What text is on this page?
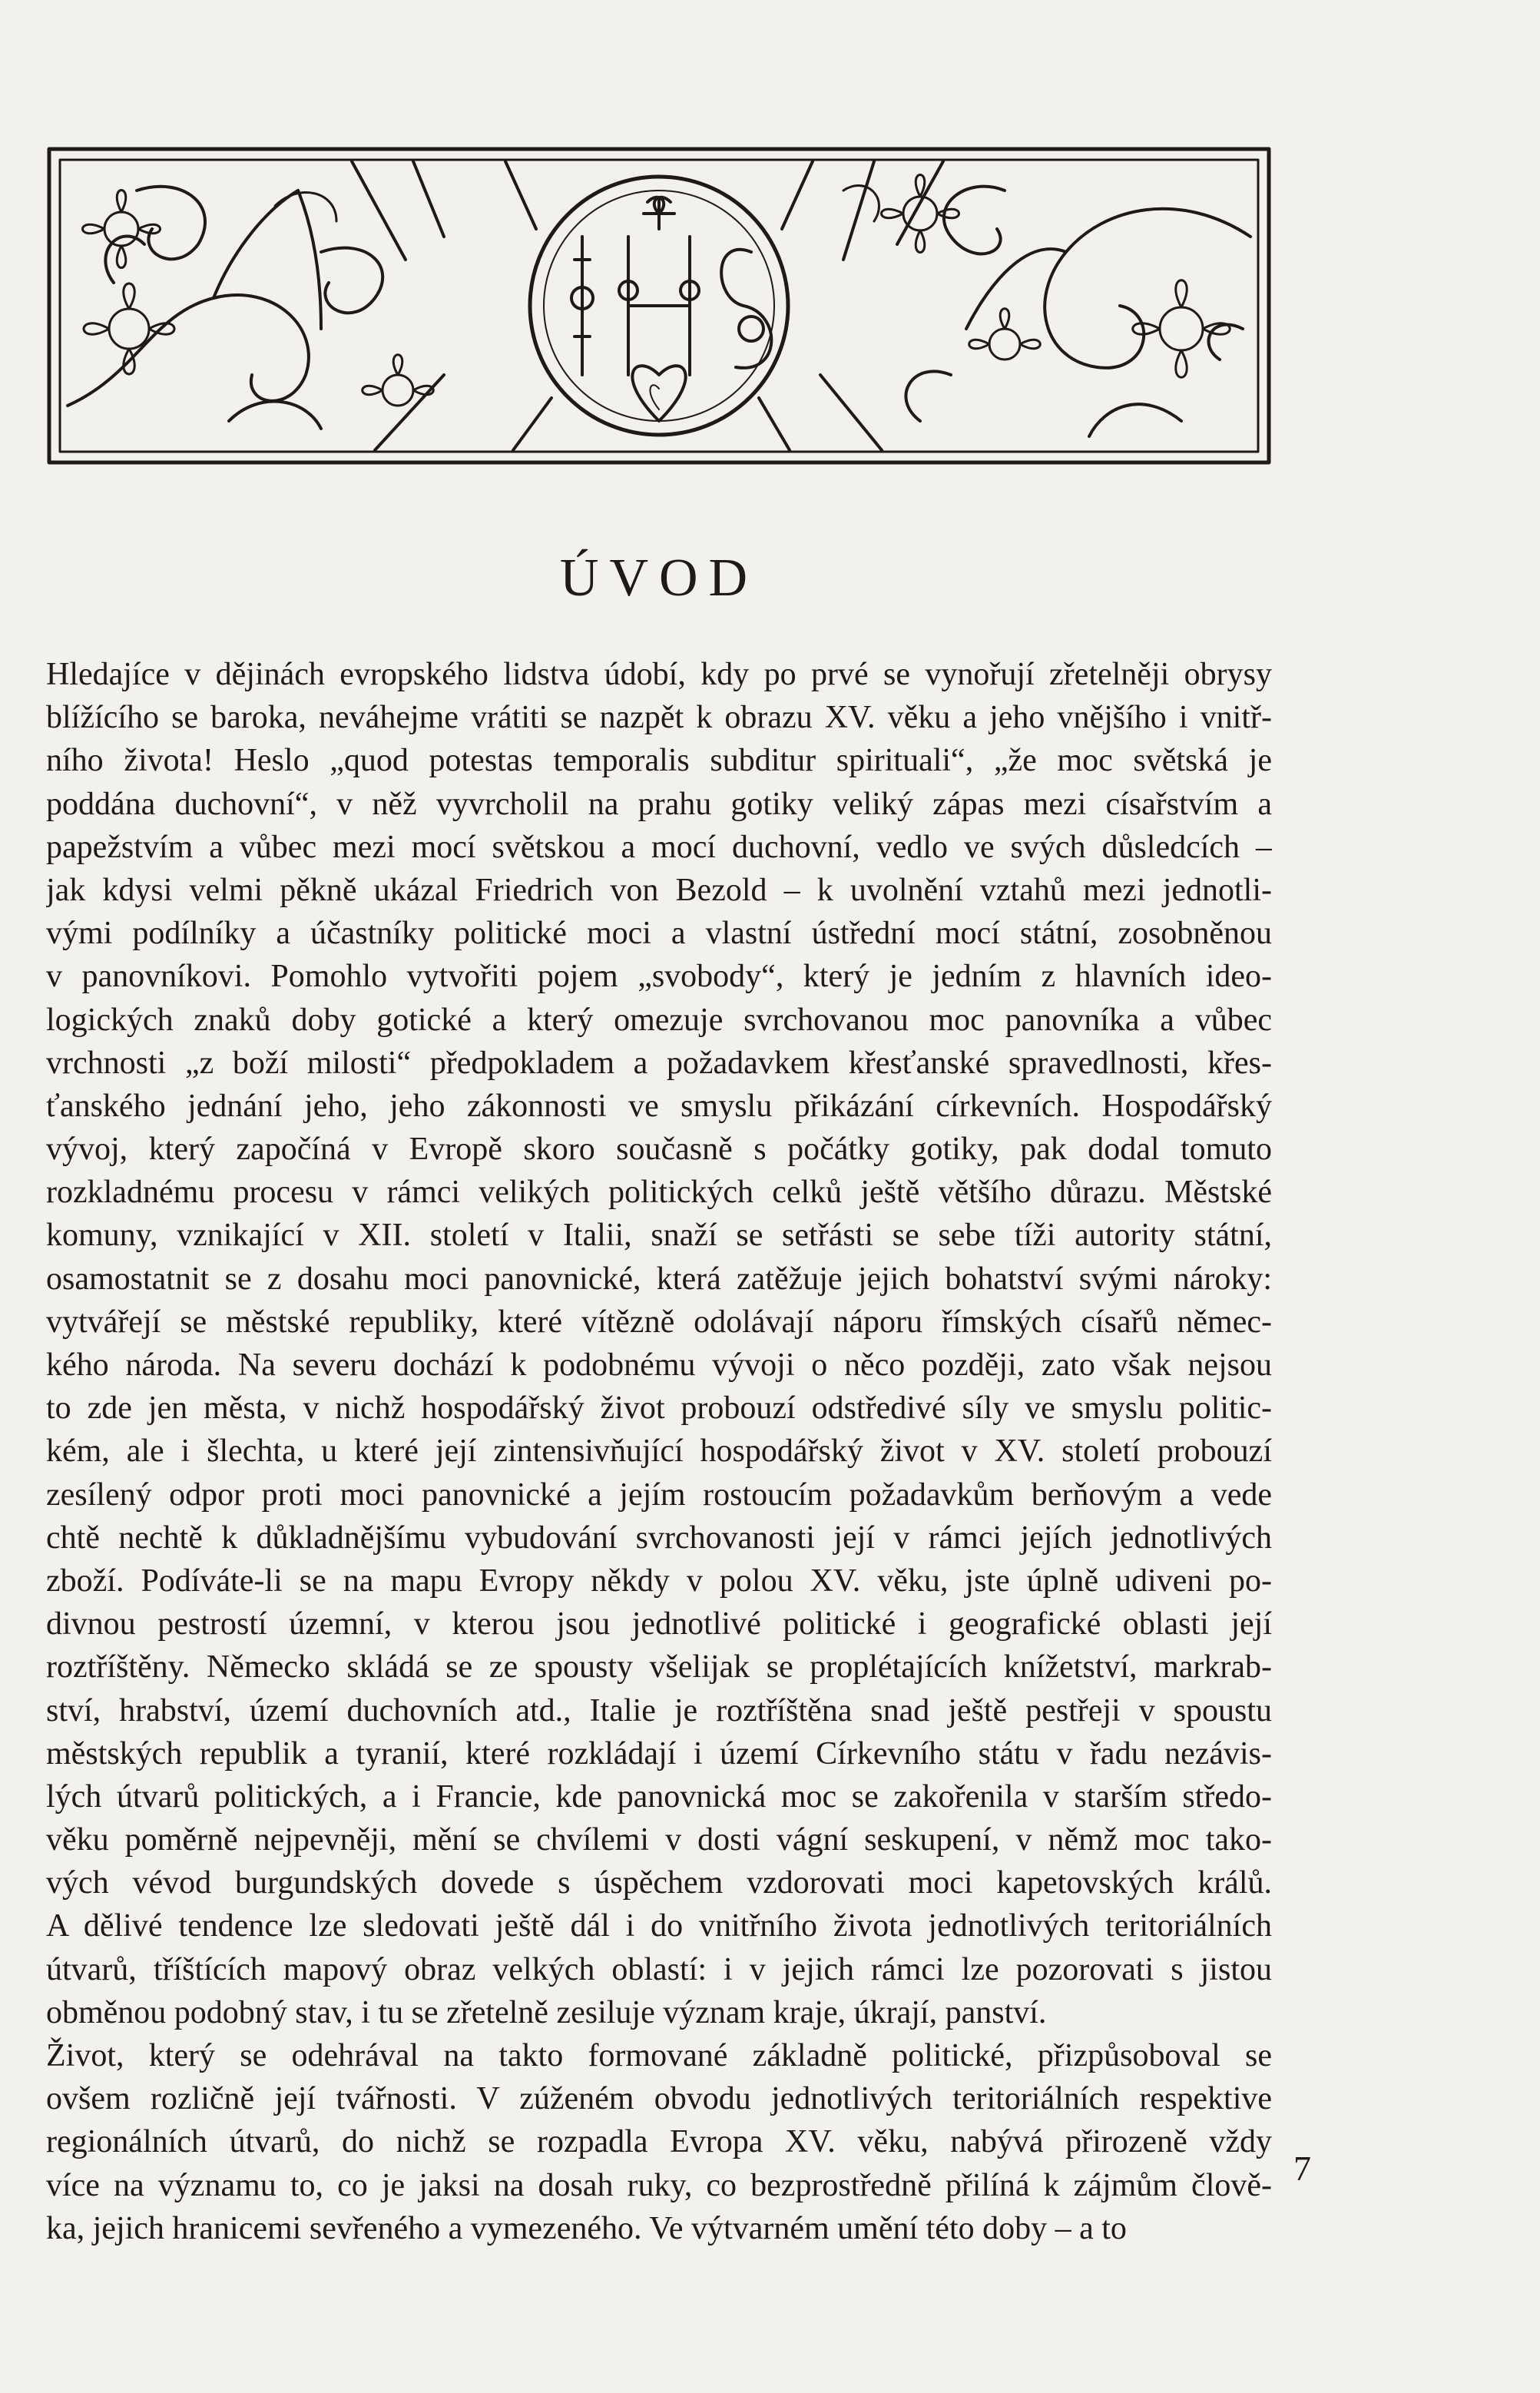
ÚVOD
Hledajíce v dějinách evropského lidstva údobí, kdy po prvé se vynořují zřetelněji obrysy
blížícího se baroka, neváhejme vrátiti se nazpět k obrazu XV. věku a jeho vnějšího i vnitř-
ního života! Heslo „quod potestas temporalis subditur spirituali“, „že moc světská je
poddána duchovní“, v něž vyvrcholil na prahu gotiky veliký zápas mezi císařstvím a
papežstvím a vůbec mezi mocí světskou a mocí duchovní, vedlo ve svých důsledcích –
jak kdysi velmi pěkně ukázal Friedrich von Bezold – k uvolnění vztahů mezi jednotli-
vými podílníky a účastníky politické moci a vlastní ústřední mocí státní, zosobněnou
v panovníkovi. Pomohlo vytvořiti pojem „svobody“, který je jedním z hlavních ideo-
logických znaků doby gotické a který omezuje svrchovanou moc panovníka a vůbec
vrchnosti „z boží milosti“ předpokladem a požadavkem křesťanské spravedlnosti, křes-
ťanského jednání jeho, jeho zákonnosti ve smyslu přikázání církevních. Hospodářský
vývoj, který započíná v Evropě skoro současně s počátky gotiky, pak dodal tomuto
rozkladnému procesu v rámci velikých politických celků ještě většího důrazu. Městské
komuny, vznikající v XII. století v Italii, snaží se setřásti se sebe tíži autority státní,
osamostatnit se z dosahu moci panovnické, která zatěžuje jejich bohatství svými nároky:
vytvářejí se městské republiky, které vítězně odolávají náporu římských císařů němec-
kého národa. Na severu dochází k podobnému vývoji o něco později, zato však nejsou
to zde jen města, v nichž hospodářský život probouzí odstředivé síly ve smyslu politic-
kém, ale i šlechta, u které její zintensivňující hospodářský život v XV. století probouzí
zesílený odpor proti moci panovnické a jejím rostoucím požadavkům berňovým a vede
chtě nechtě k důkladnějšímu vybudování svrchovanosti její v rámci jejích jednotlivých
zboží. Podíváte-li se na mapu Evropy někdy v polou XV. věku, jste úplně udiveni po-
divnou pestrostí územní, v kterou jsou jednotlivé politické i geografické oblasti její
roztříštěny. Německo skládá se ze spousty všelijak se proplétajících knížetství, markrab-
ství, hrabství, území duchovních atd., Italie je roztříštěna snad ještě pestřeji v spoustu
městských republik a tyranií, které rozkládají i území Církevního státu v řadu nezávis-
lých útvarů politických, a i Francie, kde panovnická moc se zakořenila v starším středo-
věku poměrně nejpevněji, mění se chvílemi v dosti vágní seskupení, v němž moc tako-
vých vévod burgundských dovede s úspěchem vzdorovati moci kapetovských králů.
A dělivé tendence lze sledovati ještě dál i do vnitřního života jednotlivých teritoriálních
útvarů, tříštících mapový obraz velkých oblastí: i v jejich rámci lze pozorovati s jistou
obměnou podobný stav, i tu se zřetelně zesiluje význam kraje, úkrají, panství.
Život, který se odehrával na takto formované základně politické, přizpůsoboval se
ovšem rozličně její tvářnosti. V zúženém obvodu jednotlivých teritoriálních respektive
regionálních útvarů, do nichž se rozpadla Evropa XV. věku, nabývá přirozeně vždy
více na významu to, co je jaksi na dosah ruky, co bezprostředně přilíná k zájmům člově-
ka, jejich hranicemi sevřeného a vymezeného. Ve výtvarném umění této doby – a to
7
